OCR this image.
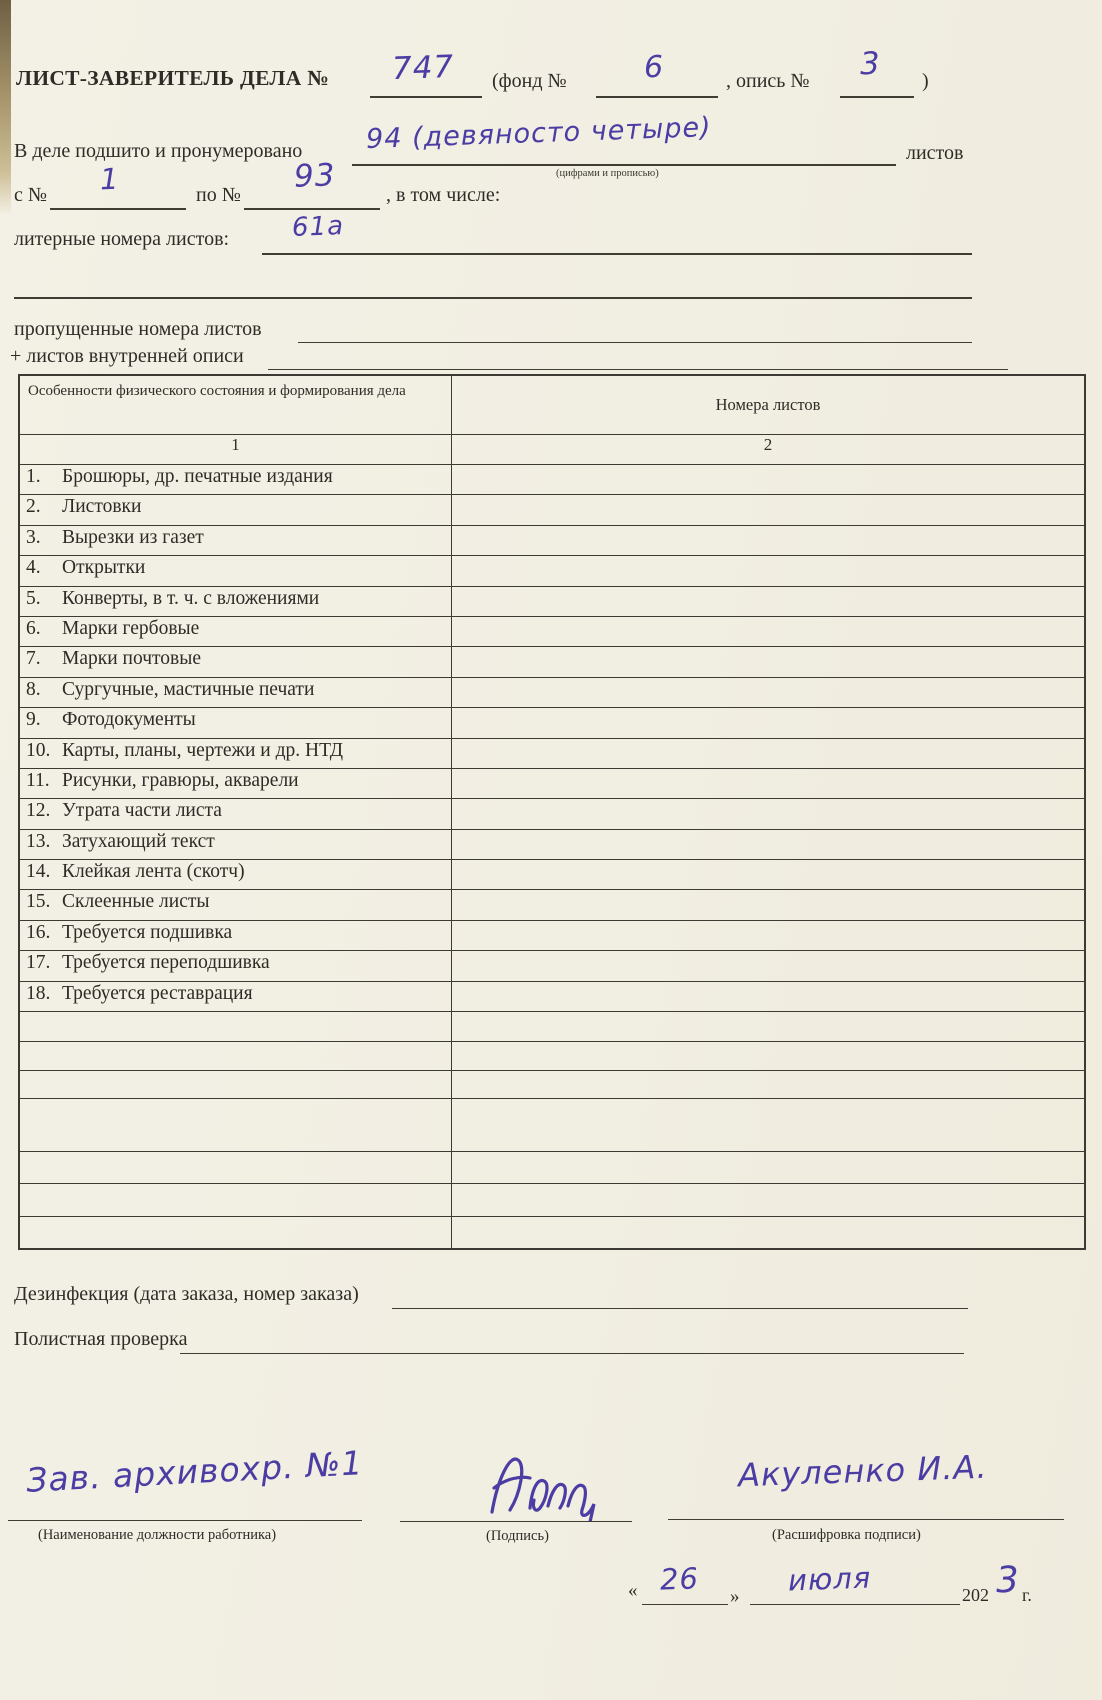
ЛИСТ-ЗАВЕРИТЕЛЬ ДЕЛА № 747 (фонд №	6	, опись № 3 )
В деле подшито и пронумеровано 94 (девяносто четыре)	листов
(цифрами и прописью)
с № 1	по №
93
, в том числе:
литерные номера листов: 61а
пропущенные номера листов
+ листов внутренней описи
Особенности физического состояния и формирования дела
Номера листов
1	2
1. Брошюры, др. печатные издания
2. Листовки
3. Вырезки из газет
4. Открытки
5. Конверты, в т. ч. с вложениями
6. Марки гербовые
7. Марки почтовые
8. Сургучные, мастичные печати
9. Фотодокументы
10. Карты, планы, чертежи и др. НТД
11. Рисунки, гравюры, акварели
12. Утрата части листа
13. Затухающий текст
14. Клейкая лента (скотч)
15. Склеенные листы
16. Требуется подшивка
17. Требуется переподшивка
18. Требуется реставрация
Дезинфекция (дата заказа, номер заказа)
Полистная проверка
Зав. архивохр. №1
(Наименование должности работника)	(Подпись)
Акуленко И.А.
(Расшифровка подписи)
« 26 » июля	202 3 г.
